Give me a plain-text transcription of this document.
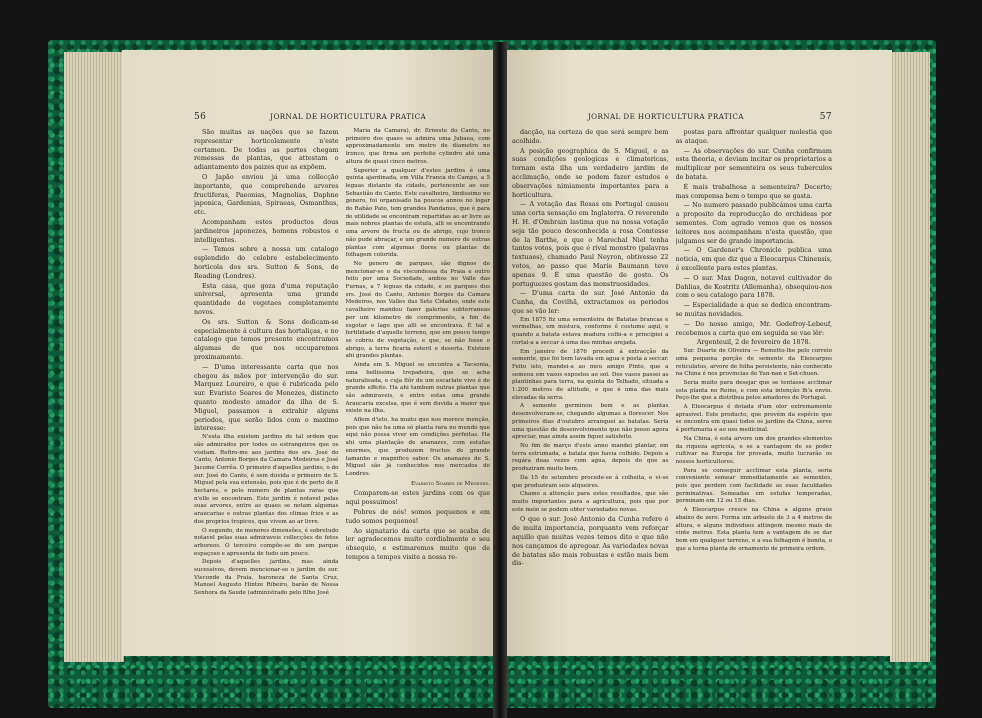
56	JORNAL DE HORTICULTURA PRATICA

São muitas as nações que se fazem representar horticolamente n'este certamen. De todas as partes chegam remessas de plantas, que attestam o adiantamento dos paizes que as expõem.

O Japão enviou já uma collecção importante, que comprehende arvores fructiferas, Paeonias, Magnolias, Daphne japonica, Gardenias, Spiraeas, Osmanthus, etc.

Acompanham estes productos dous jardineiros japonezes, homens robustos e intelligentes.

— Temos sobre a nossa um catalogo esplendido do celebre estabelecimento horticola dos srs. Sutton & Sons, de Reading (Londres).

Esta casa, que goza d'uma reputação universal, apresenta uma grande quantidade de vegetaes completamente novos.

Os srs. Sutton & Sons dedicam-se especialmente á cultura das hortaliças, e no catalogo que temos presente encontramos algumas de que nos occuparemos proximamente.

— D'uma interessante carta que nos chegou ás mãos por intervenção do sur. Marquez Loureiro, e que é rubricada pelo sur. Evaristo Soares de Menezes, distincto quanto modesto amador da ilha de S. Miguel, passamos a extrahir alguns periodos, que serão lidos com o maximo interesse:

N'esta ilha existem jardins de tal ordem que são admirados por todos os estrangeiros que os visitam. Refiro-me aos jardins dos srs. José do Canto, Antonio Borges da Camara Medeiros e José Jacome Corrêa. O primeiro d'aquelles jardins, o do sur. José do Canto, é sem duvida o primeiro de S. Miguel pela sua extensão, pois que é de perto de 8 hectares, e pelo numero de plantas raras que n'elle se encontram. Este jardim é notavel pelas suas arvores, entre as quaes se notam algumas araucarias e outras plantas dos climas frios e as dos proprios tropicos, que vivem ao ar livre.

O segundo, de menores dimensões, é sobretudo notavel pelas suas admiraveis collecções de fetos arboreos. O terceiro compõe-se de um parque espaçoso e apresenta de tudo um pouco.

Depois d'aquelles jardins, mas ainda sucessivos, devem mencionar-se o jardim do sur. Visconde da Praia, baroneza de Santa Cruz, Manoel Augusto Hintze Ribeiro, barão de Nossa Senhora da Saude (administrado pelo filho José

Maria da Camara), dr. Ernesto do Canto, no primeiro dos quaes se admira uma Jubaea, com approximadamente um metro de diametro no tronco, que firma um perfeito cylindro até uma altura de quasi cinco metros.

Superior a qualquer d'estes jardins é uma quinta ajardinada, em Villa Franca do Campo, a 5 leguas distante da cidade, pertencente ao sur. Sebastião do Canto. Este cavalheiro, lindissimo no genero, foi organisado ha poucos annos no logar do Rabão Pato, tem grandes Pandanus, que é para de utilidade se encontram repartidas ao ar livre as mais nobres plantas de estufa, alli se encontrando uma arvore de fructa ou de abrigo, cujo tronco não pude abraçar, e um grande numero de outras plantas com algumas flores ou plantas de folhagem colorida.

No genero de parques, são dignos de mencionar-se o da viscondessa da Praia e outro feito por uma Sociedade, ambos no Valle das Furnas, a 7 leguas da cidade, e os parques dos srs. José do Canto, Antonio Borges da Camara Medeiros, nos Valles das Sete Cidades, onde este cavalheiro mandou fazer galerias subterraneas por um kilometro de comprimento, a fim de esgotar o lago que alli se encontrava. É tal a fertilidade d'aquelle terreno, que em pouco tempo se cobriu de vegetação, e que, se não fosse o abrigo, a terra ficaria esteril e deserta. Existem ahi grandes plantas.

Ainda em S. Miguel se encontra a Tacsonia, uma bellissima trepadeira, que se acha naturalisada, e cuja flôr de um escarlate vivo é de grande effeito. Ha ahi tambem outras plantas que são admiraveis, e entre estas uma grande Araucaria excelsa, que é sem duvida a maior que existe na ilha.

Aflem d'isto, ha muito que nos merece menção, pois que não ha uma só planta rara no mundo que aqui não possa viver em condições perfeitas. Ha ahi uma plantação de ananazes, com estufas enormes, que produzem fructos de grande tamanho e magnifico sabor. Os ananazes de S. Miguel são já conhecidos nos mercados de Londres.

Evaristo Soares de Menezes.

Comparem-se estes jardins com os que aqui possuimos!

Pobres de nós! somos pequenos e em tudo somos pequenos!

Ao signatario da carta que se acaba de ler agradecemos muito cordialmente o seu obsequio, e estimaremos muito que de tempos a tempos visite a nossa re-

JORNAL DE HORTICULTURA PRATICA	57

dacção, na certeza de que será sempre bem acolhido.

A posição geographica de S. Miguel, e as suas condições geologicas e climatericas, tornam esta ilha um verdadeiro jardim de acclimação, onde se podem fazer estudos e observações nimiamente importantes para a horticultura.

— A votação das Rosas em Portugal causou uma certa sensação em Inglaterra. O reverendo H. H. d'Ombrain lastima que na nossa votação seja tão pouco desconhecida a rosa Comtesse de la Barthe, e que o Marechal Niel tenha tantos votos, pois que é rival monstro (palavras textuaes), chamado Paul Neyron, obtivesse 22 votos, ao passo que Marie Baumann teve apenas 9. É uma questão de gosto. Os portuguezes gostam das monstruosidades.

— D'uma carta do sur. José Antonio da Cunha, da Covilhã, extractamos os periodos que se vão ler:

Em 1875 fiz uma sementeira de Batatas brancas e vermelhas, em mistura, conforme é costume aqui, e quando a batata estava madura colhi-a e principiei a cortal-a a seccar á uma das minhas arejada.

Em janeiro de 1876 procedi á extracção da semente, que foi bem lavada em agua e posta a seccar. Feito isto, mandei-a ao meu amigo Pinto, que a semeou em vasos expostos ao sol. Dos vasos passei as plantinhas para terra, na quinta do Telhado, situada a 1:200 metros de altitude, e que é uma das mais elevadas da serra.

A semente germinou bem e as plantas desenvolveram-se, chegando algumas a florescer. Nos primeiros dias d'outubro arranquei as batatas. Seria uma questão de desenvolvimento que não posso agora apreciar, mas ainda assim fiquei satisfeito.

No fim de março d'este anno mandei plantar, em terra estrumada, a batata que havia colhido. Depois a regára duas vezes com agua, depois do que as produziram muito bem.

Da 15 de setembro procede-se á colheita, e vi-se que produziram seis alqueires.

Chamo a attenção para estes resultados, que são muito importantes para a agricultura, pois que por este meio se podem obter variedades novas.

O que o sur. José Antonio da Cunha refere é de muita importancia, porquanto vem reforçar aquillo que muitas vezes temos dito e que não nos cançamos de apregoar. As variedades novas de batatas são mais robustas e estão mais bem dis-

postas para affrontar qualquer molestia que as ataque.

— As observações do sur. Cunha confirmam esta theoria, e deviam incitar os proprietarios a multiplicar por sementeira os seus tuberculos de batata.

É mais trabalhosa a sementeira? Decerto; mas compensa bem o tempo que se gasta.

— No numero passado publicámos uma carta a proposito da reproducção do orchideas por sementes. Com agrado vemos que os nossos leitores nos acompanham n'esta questão, que julgamos ser de grande importancia.

— O Gardener's Chronicle publica uma noticia, em que diz que a Eleocarpus Chinensis, é excellente para estes plantas.

— O sur. Max Dagon, notavel cultivador de Dahlias, de Kostritz (Allemanha), obsequiou-nos com o seu catalogo para 1878.

— Especialidade a que se dedica encontram-se muitas novidades.

— Do nosso amigo, Mr. Godefroy-Lebeuf, recebemos a carta que em seguida se vae lêr:

Argenteuil, 2 de fevereiro de 1878.

Sur. Duarte de Oliveira — Remetto-lhe pelo correio uma pequena porção de semente da Eleocarpus reticulatus, arvore de folha persistente, não conhecido na China é nos provincias de Yun-nan e Set-chuen.

Seria muito para desejar que se tentasse acclimar esta planta no Reino, e com esta intenção lh'a envio. Peço-lhe que a distribua pelos amadores de Portugal.

A Eleocarpus é dotada d'um olor extremamente aprasivel. Este producto, que provém da espécie que se encontra em quasi todos os jardins da China, serve á perfumaria e ao uso medicinal.

Na China, é esta arvore um dos grandes elementos da riqueza agricola, e se a vantagem de se poder cultivar na Europa for provada, muito lucrarão os nossos horticultores.

Para se conseguir acclimar esta planta, seria conveniente semear immediatamente as sementes, pois que perdem com facilidade as suas faculdades germinativas. Semeadas em estufas temperadas, germinam em 12 ou 15 dias.

A Eleocarpus cresce na China a alguns graus abaixo de zero. Forma um arbusto de 3 a 4 metros de altura, e alguns individuos attingem mesmo mais de vinte metros. Esta planta tem a vantagem de se dar bem em qualquer terreno, e a sua folhagem é bonita, o que a torna planta de ornamento de primeira ordem.
